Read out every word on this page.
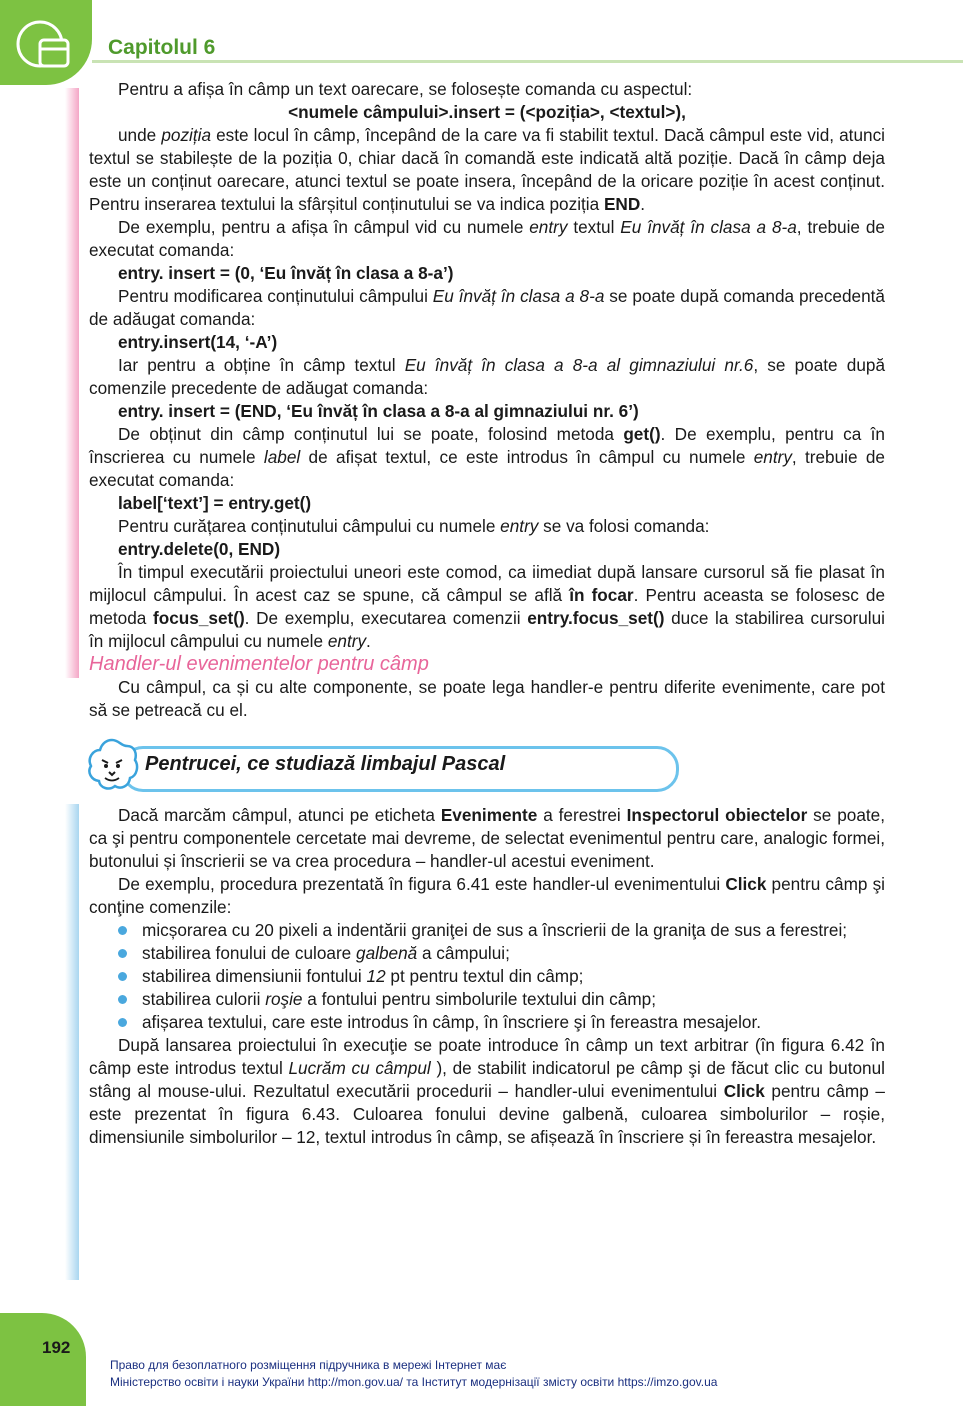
Capitolul 6

Pentru a afișa în câmp un text oarecare, se folosește comanda cu aspectul:

<numele câmpului>.insert = (<poziția>, <textul>),

unde poziția este locul în câmp, începând de la care va fi stabilit textul. Dacă câmpul este vid, atunci textul se stabilește de la poziția 0, chiar dacă în comandă este indicată altă poziție. Dacă în câmp deja este un conținut oarecare, atunci textul se poate insera, începând de la oricare poziție în acest conținut. Pentru inserarea textului la sfârșitul conținutului se va indica poziția END.

De exemplu, pentru a afișa în câmpul vid cu numele entry textul Eu învăț în clasa a 8-a, trebuie de executat comanda:

entry. insert = (0, ‘Eu învăț în clasa a 8-a’)

Pentru modificarea conținutului câmpului Eu învăț în clasa a 8-a se poate după comanda precedentă de adăugat comanda:

entry.insert(14, ‘-A’)

Iar pentru a obține în câmp textul Eu învăț în clasa a 8-a al gimnaziului nr.6, se poate după comenzile precedente de adăugat comanda:

entry. insert = (END, ‘Eu învăț în clasa a 8-a al gimnaziului nr. 6’)

De obținut din câmp conținutul lui se poate, folosind metoda get(). De exemplu, pentru ca în înscrierea cu numele label de afișat textul, ce este introdus în câmpul cu numele entry, trebuie de executat comanda:

label[‘text’] = entry.get()

Pentru curățarea conținutului câmpului cu numele entry se va folosi comanda:

entry.delete(0, END)

În timpul executării proiectului uneori este comod, ca iimediat după lansare cursorul să fie plasat în mijlocul câmpului. În acest caz se spune, că câmpul se află în focar. Pentru aceasta se folosesc de metoda focus_set(). De exemplu, executarea comenzii entry.focus_set() duce la stabilirea cursorului în mijlocul câmpului cu numele entry.

Handler-ul evenimentelor pentru câmp

Cu câmpul, ca și cu alte componente, se poate lega handler-e pentru diferite evenimente, care pot să se petreacă cu el.

Pentrucei, ce studiază limbajul Pascal

Dacă marcăm câmpul, atunci pe eticheta Evenimente a ferestrei Inspectorul obiectelor se poate, ca şi pentru componentele cercetate mai devreme, de selectat evenimentul pentru care, analogic formei, butonului și înscrierii se va crea procedura – handler-ul acestui eveniment.

De exemplu, procedura prezentată în figura 6.41 este handler-ul evenimentului Click pentru câmp şi conţine comenzile:

micșorarea cu 20 pixeli a indentării graniţei de sus a înscrierii de la graniţa de sus a ferestrei;
stabilirea fonului de culoare galbenă a câmpului;
stabilirea dimensiunii fontului 12 pt pentru textul din câmp;
stabilirea culorii roşie a fontului pentru simbolurile textului din câmp;
afișarea textului, care este introdus în câmp, în înscriere şi în fereastra mesajelor.

După lansarea proiectului în execuţie se poate introduce în câmp un text arbitrar (în figura 6.42 în câmp este introdus textul Lucrăm cu câmpul ), de stabilit indicatorul pe câmp şi de făcut clic cu butonul stâng al mouse-ului. Rezultatul executării procedurii – handler-ului evenimentului Click pentru câmp – este prezentat în figura 6.43. Culoarea fonului devine galbenă, culoarea simbolurilor – roșie, dimensiunile simbolurilor – 12, textul introdus în câmp, se afișează în înscriere și în fereastra mesajelor.

192
Право для безоплатного розміщення підручника в мережі Інтернет має
Міністерство освіти і науки України http://mon.gov.ua/ та Інститут модернізації змісту освіти https://imzo.gov.ua
